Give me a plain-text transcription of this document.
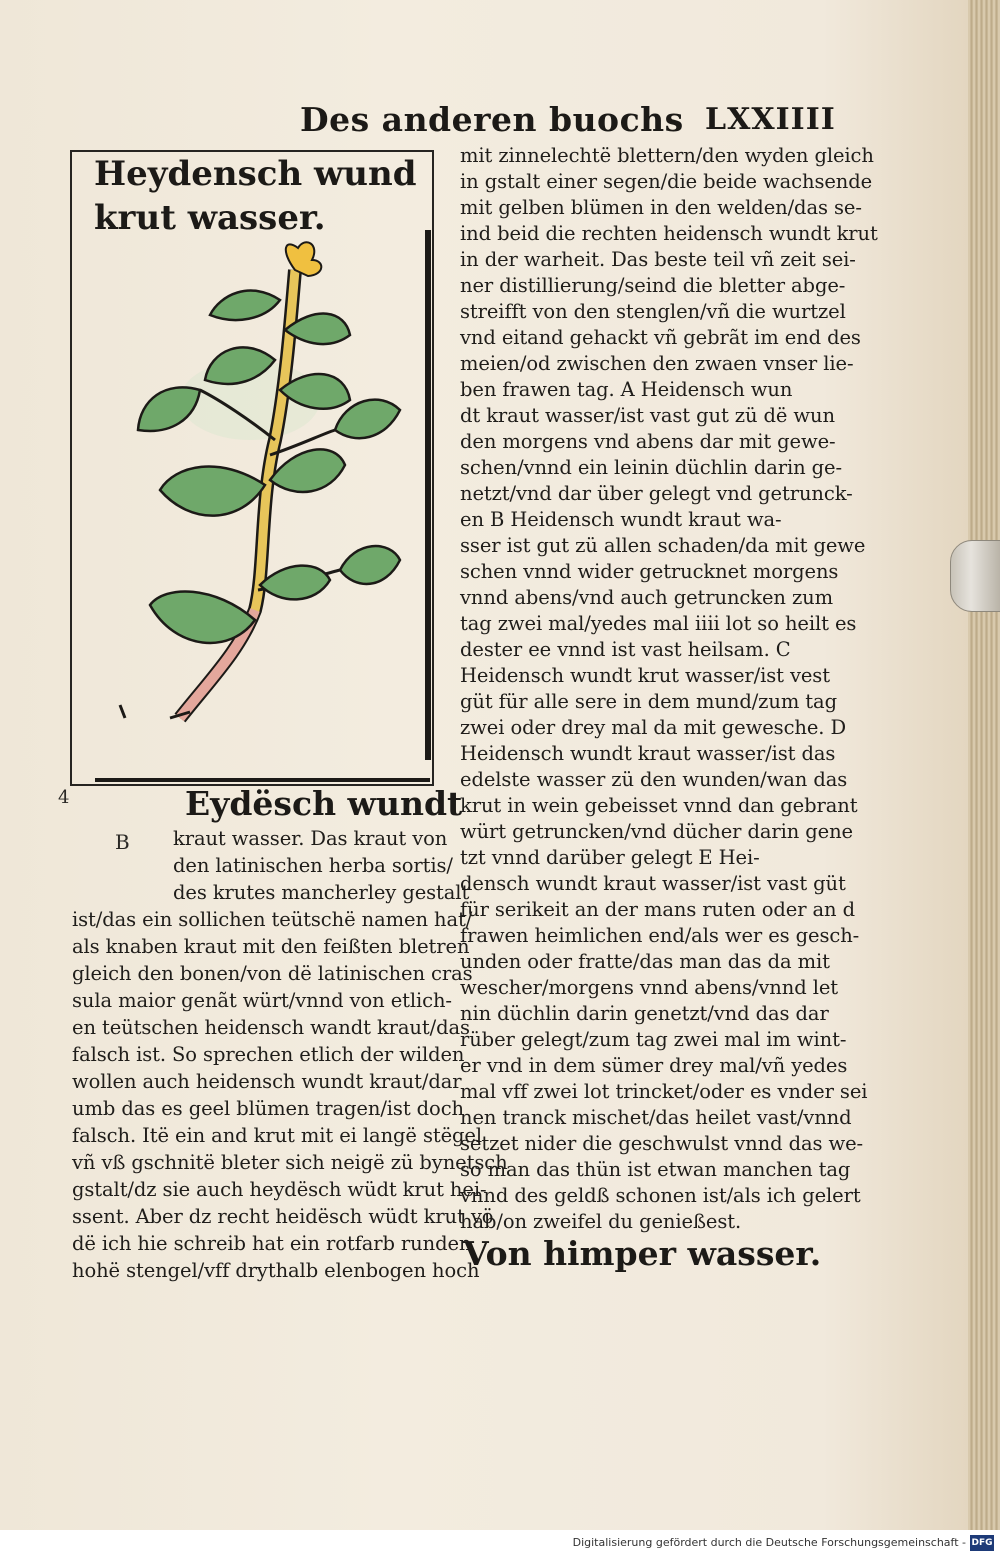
Des anderen buochs LXXIIII
Heydensch wund
krut wasser.
4	Eydësch wundt
B kraut wasser. Das kraut von
den latinischen herba sortis/
des krutes mancherley gestalt
ist/das ein sollichen teütschë namen hat/
als knaben kraut mit den feißten bletren
gleich den bonen/von dë latinischen cras
sula maior genãt würt/vnnd von etlich-
en teütschen heidensch wandt kraut/das
falsch ist. So sprechen etlich der wilden
wollen auch heidensch wundt kraut/dar
umb das es geel blümen tragen/ist doch
falsch. Itë ein and krut mit ei langë stëgel
vñ vß gschnitë bleter sich neigë zü bynetsch
gstalt/dz sie auch heydësch wüdt krut hei-
ssent. Aber dz recht heidësch wüdt krut vö
dë ich hie schreib hat ein rotfarb runden
hohë stengel/vff drythalb elenbogen hoch
mit zinnelechtë blettern/den wyden gleich
in gstalt einer segen/die beide wachsende
mit gelben blümen in den welden/das se-
ind beid die rechten heidensch wundt krut
in der warheit. Das beste teil vñ zeit sei-
ner distillierung/seind die bletter abge-
streifft von den stenglen/vñ die wurtzel
vnd eitand gehackt vñ gebrãt im end des
meien/od zwischen den zwaen vnser lie-
ben frawen tag. A Heidensch wun
dt kraut wasser/ist vast gut zü dë wun
den morgens vnd abens dar mit gewe-
schen/vnnd ein leinin düchlin darin ge-
netzt/vnd dar über gelegt vnd getrunck-
en B Heidensch wundt kraut wa-
sser ist gut zü allen schaden/da mit gewe
schen vnnd wider getrucknet morgens
vnnd abens/vnd auch getruncken zum
tag zwei mal/yedes mal iiii lot so heilt es
dester ee vnnd ist vast heilsam. C
Heidensch wundt krut wasser/ist vest
güt für alle sere in dem mund/zum tag
zwei oder drey mal da mit gewesche. D
Heidensch wundt kraut wasser/ist das
edelste wasser zü den wunden/wan das
krut in wein gebeisset vnnd dan gebrant
würt getruncken/vnd dücher darin gene
tzt vnnd darüber gelegt E Hei-
densch wundt kraut wasser/ist vast güt
für serikeit an der mans ruten oder an d
frawen heimlichen end/als wer es gesch-
unden oder fratte/das man das da mit
wescher/morgens vnnd abens/vnnd let
nin düchlin darin genetzt/vnd das dar
rüber gelegt/zum tag zwei mal im wint-
er vnd in dem sümer drey mal/vñ yedes
mal vff zwei lot trincket/oder es vnder sei
nen tranck mischet/das heilet vast/vnnd
setzet nider die geschwulst vnnd das we-
so man das thün ist etwan manchen tag
vnnd des geldß schonen ist/als ich gelert
hab/on zweifel du genießest.
Von himper wasser.
Digitalisierung gefördert durch die Deutsche Forschungsgemeinschaft - DFG
